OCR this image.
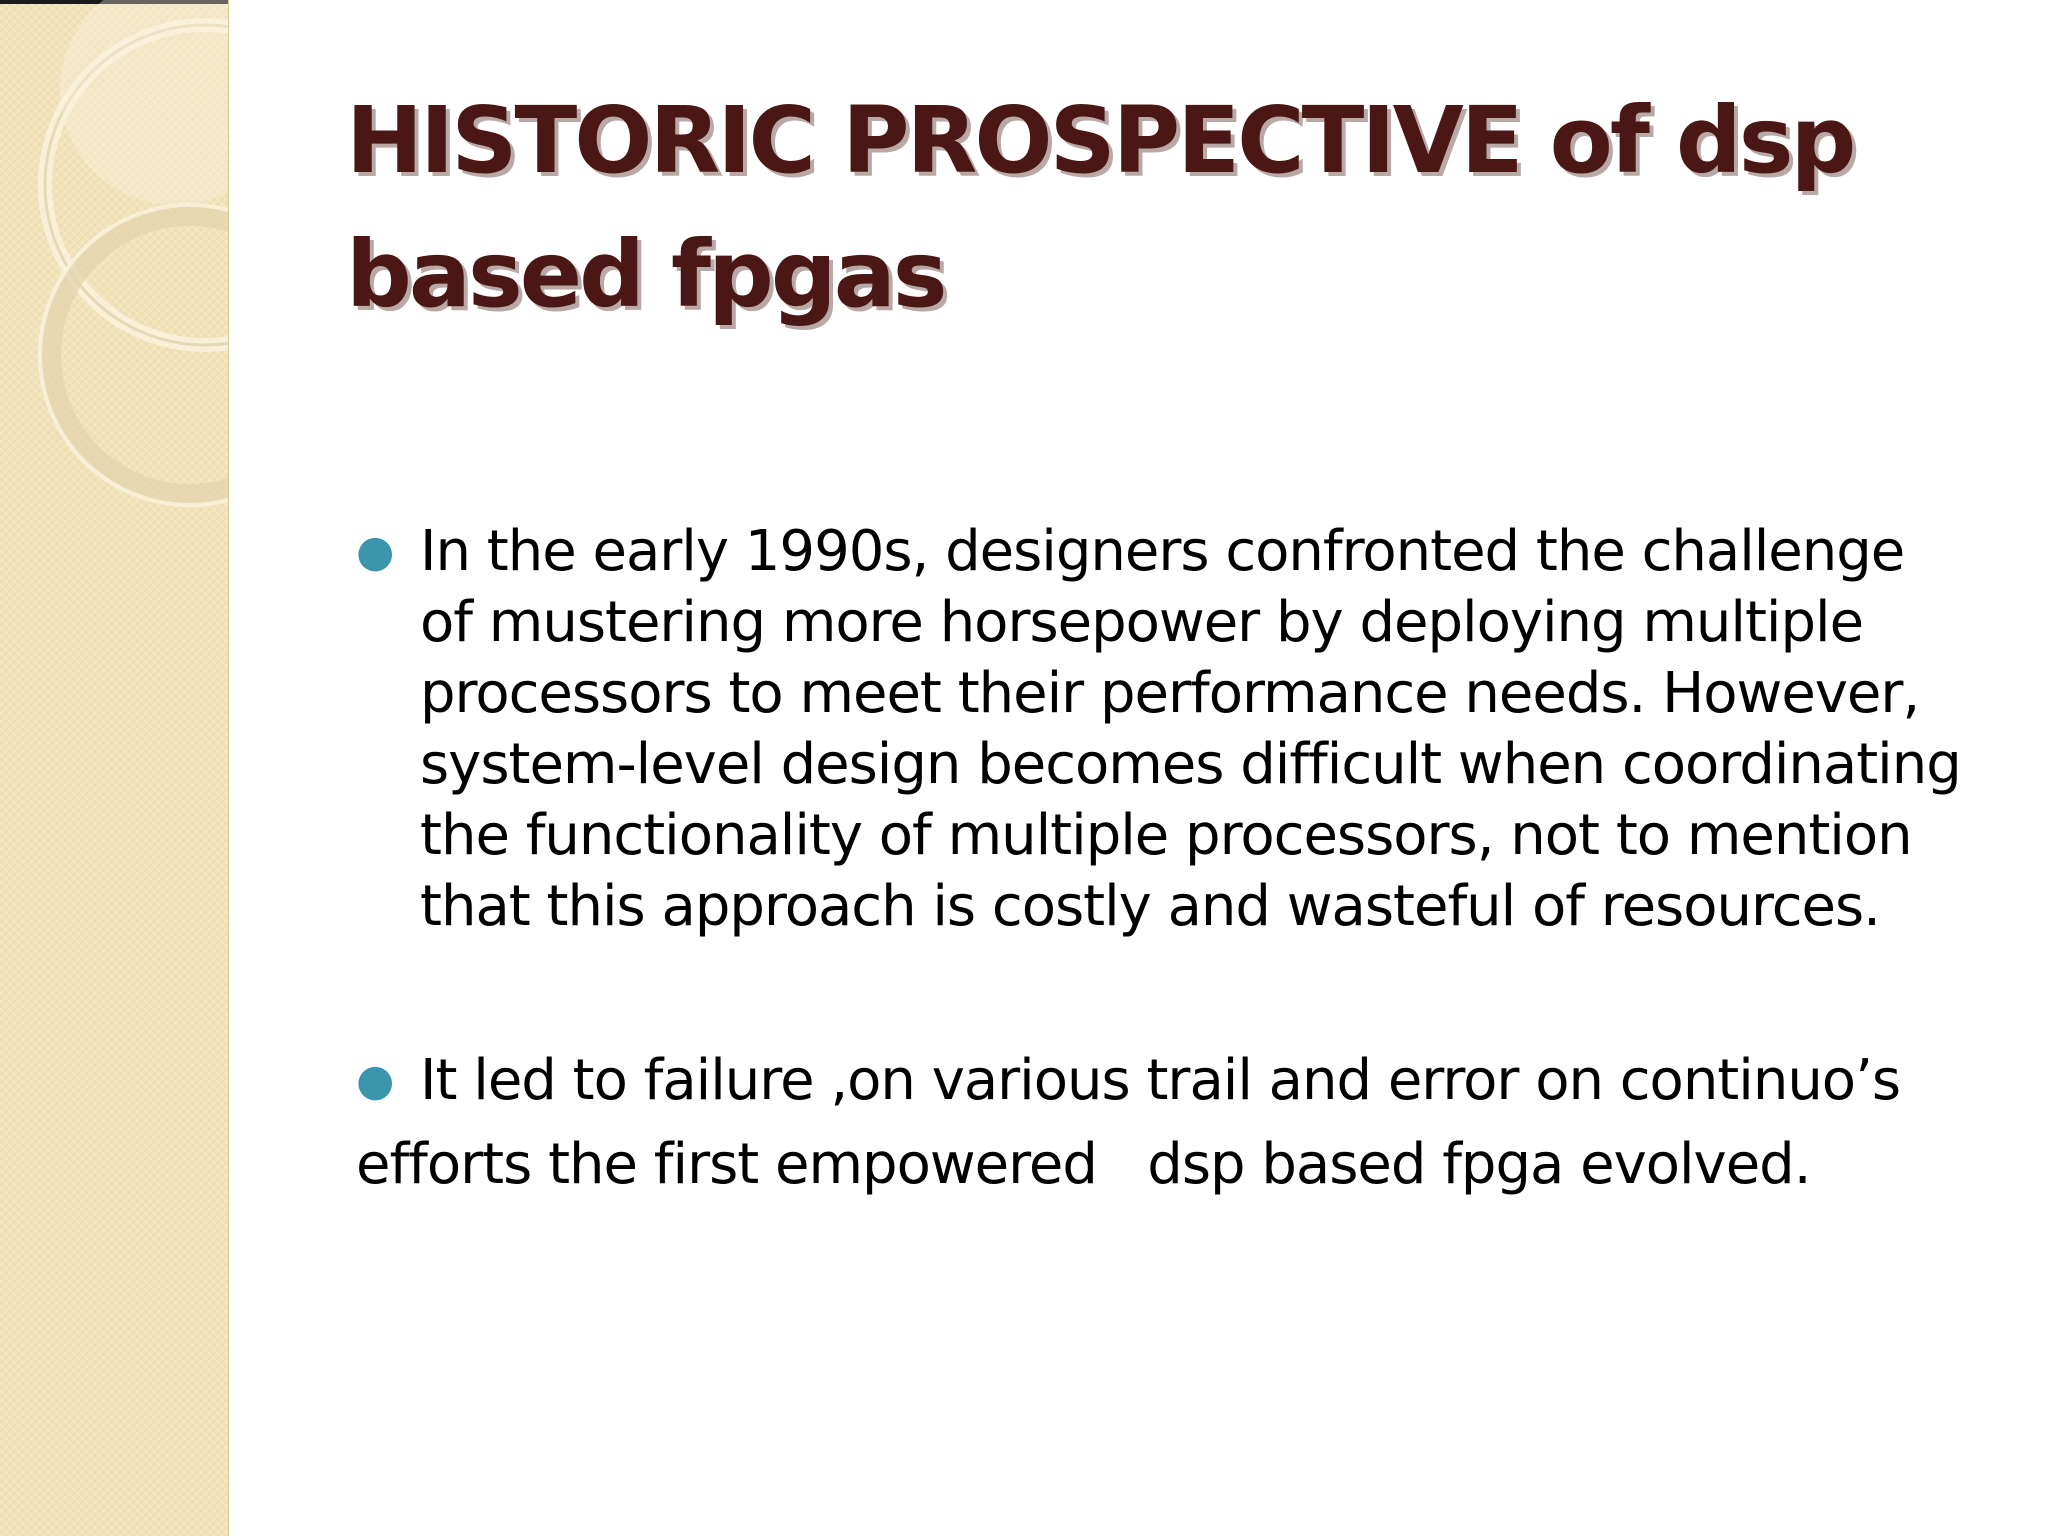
HISTORIC PROSPECTIVE of dsp
based fpgas
● In the early 1990s, designers confronted the challenge
of mustering more horsepower by deploying multiple
processors to meet their performance needs. However,
system-level design becomes difficult when coordinating
the functionality of multiple processors, not to mention
that this approach is costly and wasteful of resources.
● It led to failure ,on various trail and error on continuo’s
efforts the first empowered   dsp based fpga evolved.
